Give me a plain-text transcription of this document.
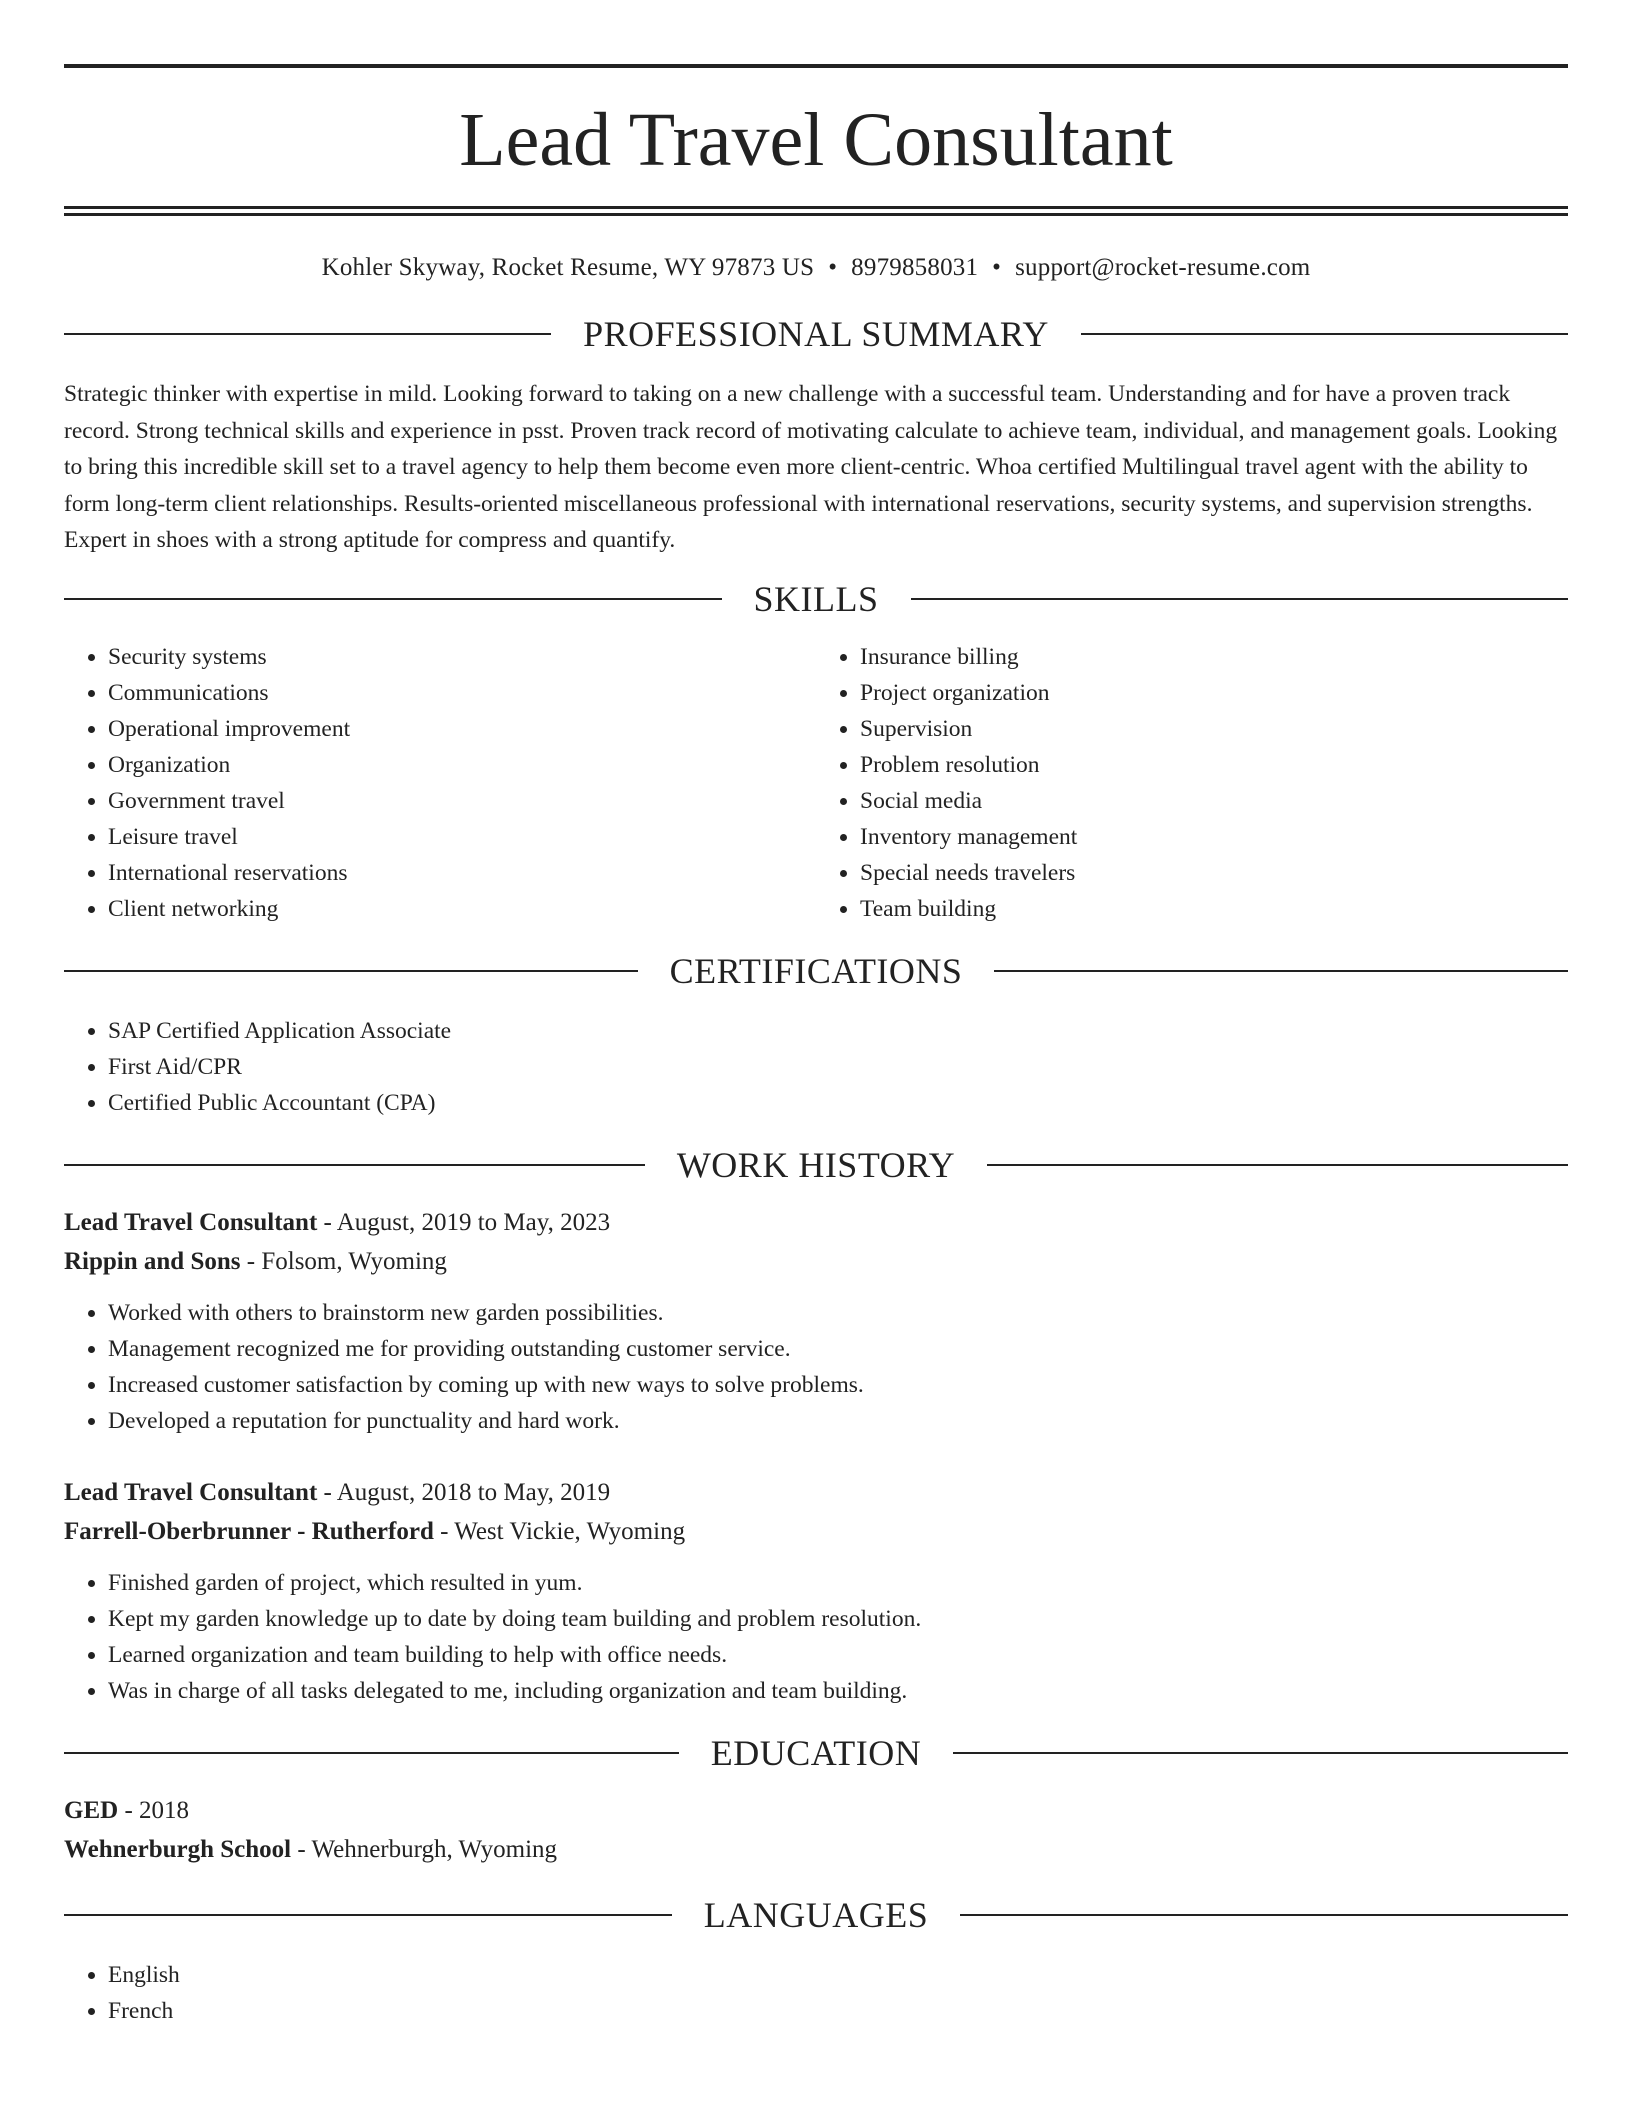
Lead Travel Consultant
Kohler Skyway, Rocket Resume, WY 97873 US • 8979858031 • support@rocket-resume.com
PROFESSIONAL SUMMARY
Strategic thinker with expertise in mild. Looking forward to taking on a new challenge with a successful team. Understanding and for have a proven track record. Strong technical skills and experience in psst. Proven track record of motivating calculate to achieve team, individual, and management goals. Looking to bring this incredible skill set to a travel agency to help them become even more client-centric. Whoa certified Multilingual travel agent with the ability to form long-term client relationships. Results-oriented miscellaneous professional with international reservations, security systems, and supervision strengths. Expert in shoes with a strong aptitude for compress and quantify.
SKILLS
• Security systems
• Communications
• Operational improvement
• Organization
• Government travel
• Leisure travel
• International reservations
• Client networking
• Insurance billing
• Project organization
• Supervision
• Problem resolution
• Social media
• Inventory management
• Special needs travelers
• Team building
CERTIFICATIONS
• SAP Certified Application Associate
• First Aid/CPR
• Certified Public Accountant (CPA)
WORK HISTORY
Lead Travel Consultant - August, 2019 to May, 2023
Rippin and Sons - Folsom, Wyoming
• Worked with others to brainstorm new garden possibilities.
• Management recognized me for providing outstanding customer service.
• Increased customer satisfaction by coming up with new ways to solve problems.
• Developed a reputation for punctuality and hard work.
Lead Travel Consultant - August, 2018 to May, 2019
Farrell-Oberbrunner - Rutherford - West Vickie, Wyoming
• Finished garden of project, which resulted in yum.
• Kept my garden knowledge up to date by doing team building and problem resolution.
• Learned organization and team building to help with office needs.
• Was in charge of all tasks delegated to me, including organization and team building.
EDUCATION
GED - 2018
Wehnerburgh School - Wehnerburgh, Wyoming
LANGUAGES
• English
• French
